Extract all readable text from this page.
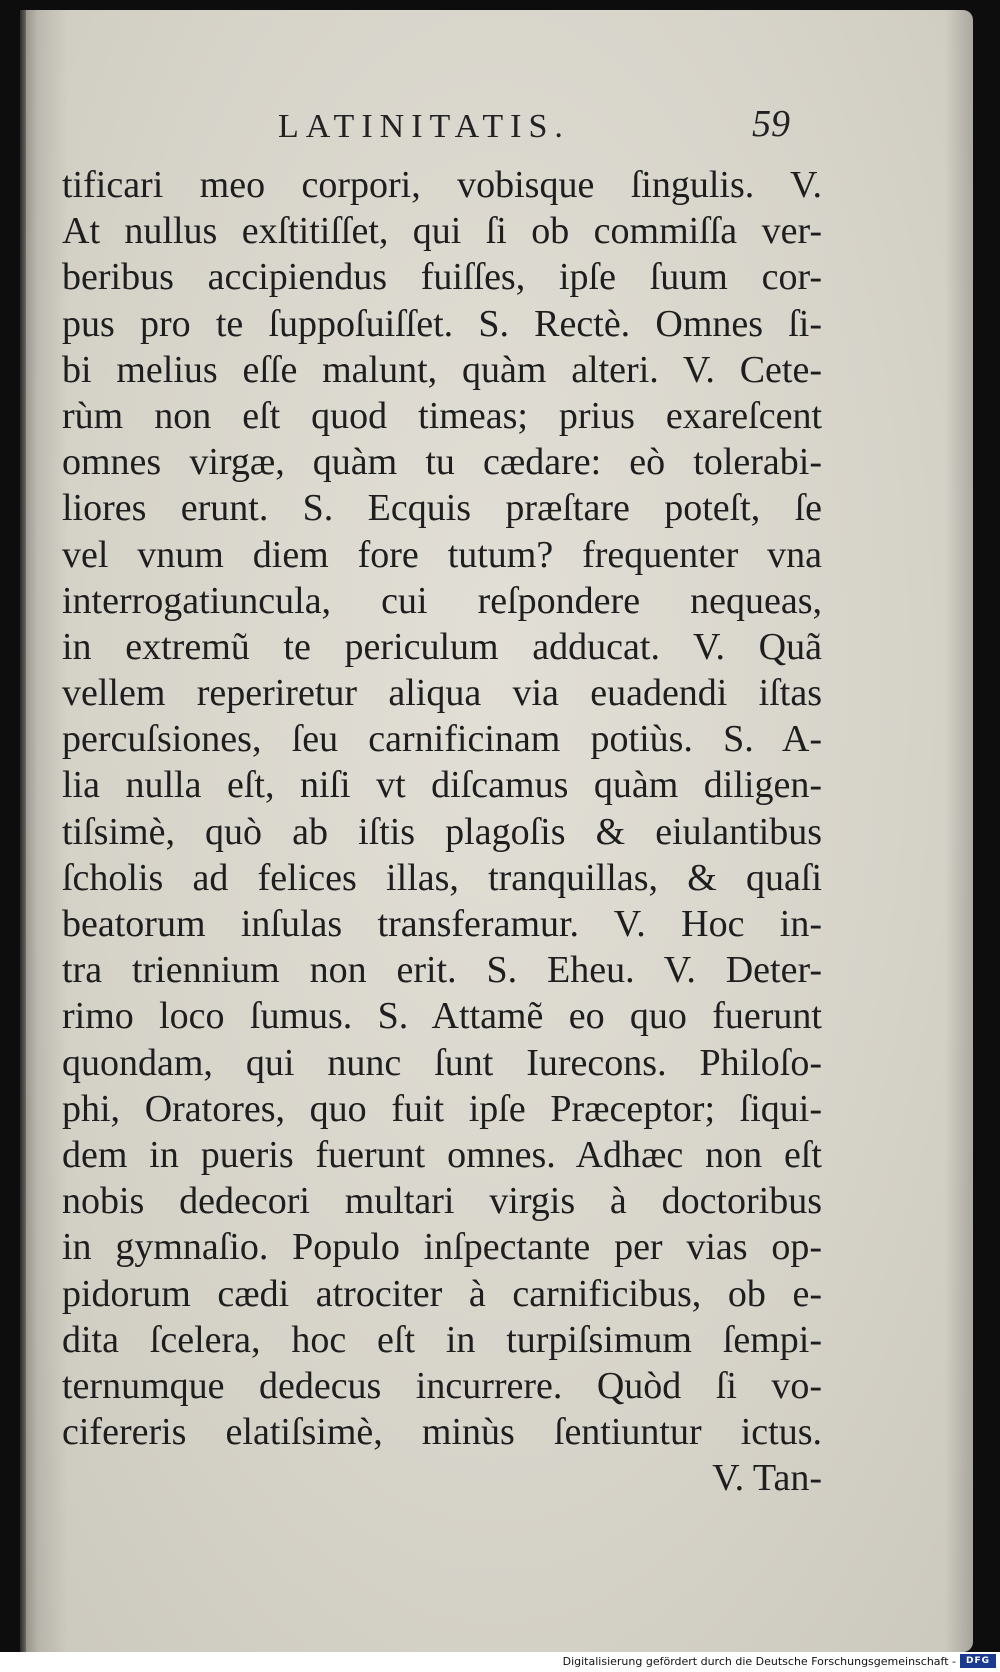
LATINITATIS.	59
tificari meo corpori, vobisque ſingulis. V.
At nullus exſtitiſſet, qui ſi ob commiſſa ver-
beribus accipiendus fuiſſes, ipſe ſuum cor-
pus pro te ſuppoſuiſſet. S. Rectè. Omnes ſi-
bi melius eſſe malunt, quàm alteri. V. Cete-
rùm non eſt quod timeas; prius exareſcent
omnes virgæ, quàm tu cædare: eò tolerabi-
liores erunt. S. Ecquis præſtare poteſt, ſe
vel vnum diem fore tutum? frequenter vna
interrogatiuncula, cui reſpondere nequeas,
in extremũ te periculum adducat. V. Quã
vellem reperiretur aliqua via euadendi iſtas
percuſsiones, ſeu carnificinam potiùs. S. A-
lia nulla eſt, niſi vt diſcamus quàm diligen-
tiſsimè, quò ab iſtis plagoſis & eiulantibus
ſcholis ad felices illas, tranquillas, & quaſi
beatorum inſulas transferamur. V. Hoc in-
tra triennium non erit. S. Eheu. V. Deter-
rimo loco ſumus. S. Attamẽ eo quo fuerunt
quondam, qui nunc ſunt Iurecons. Philoſo-
phi, Oratores, quo fuit ipſe Præceptor; ſiqui-
dem in pueris fuerunt omnes. Adhæc non eſt
nobis dedecori multari virgis à doctoribus
in gymnaſio. Populo inſpectante per vias op-
pidorum cædi atrociter à carnificibus, ob e-
dita ſcelera, hoc eſt in turpiſsimum ſempi-
ternumque dedecus incurrere. Quòd ſi vo-
cifereris elatiſsimè, minùs ſentiuntur ictus.
V. Tan-
Digitalisierung gefördert durch die Deutsche Forschungsgemeinschaft -	DFG
